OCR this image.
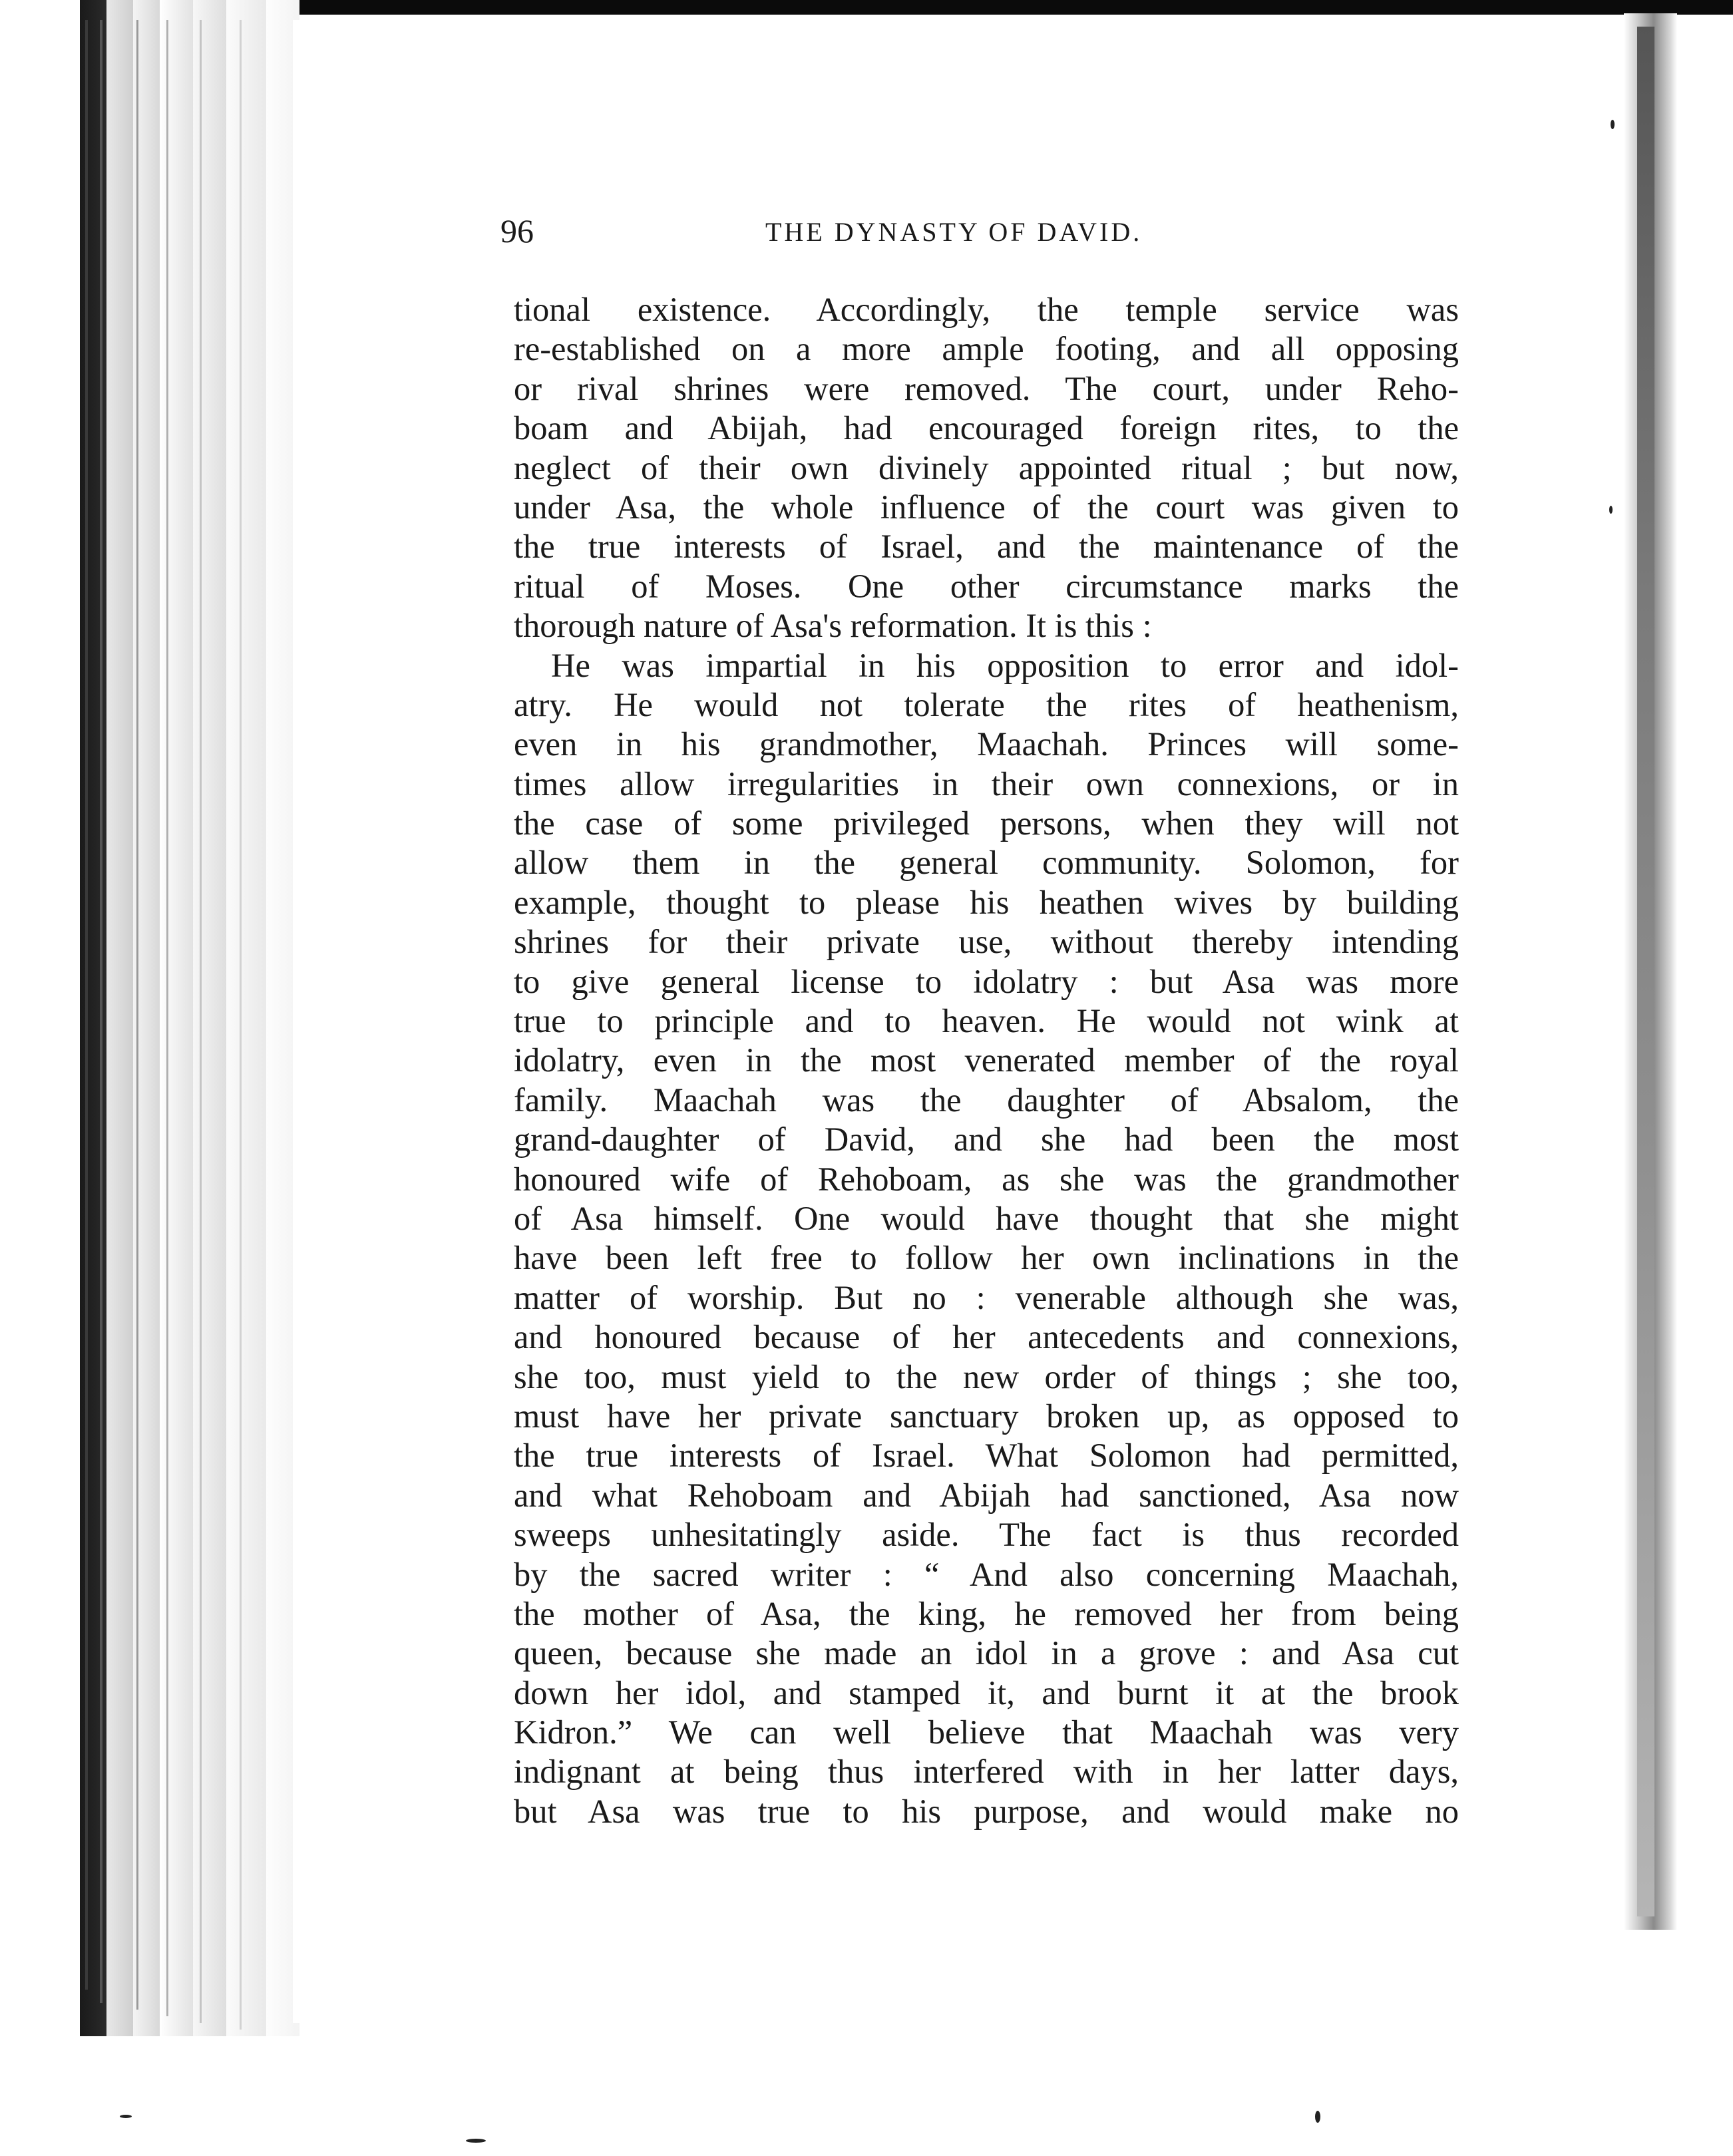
96	THE DYNASTY OF DAVID.
tional existence. Accordingly, the temple service was
re-established on a more ample footing, and all opposing
or rival shrines were removed. The court, under Reho-
boam and Abijah, had encouraged foreign rites, to the
neglect of their own divinely appointed ritual ; but now,
under Asa, the whole influence of the court was given to
the true interests of Israel, and the maintenance of the
ritual of Moses. One other circumstance marks the
thorough nature of Asa's reformation. It is this :
He was impartial in his opposition to error and idol-
atry. He would not tolerate the rites of heathenism,
even in his grandmother, Maachah. Princes will some-
times allow irregularities in their own connexions, or in
the case of some privileged persons, when they will not
allow them in the general community. Solomon, for
example, thought to please his heathen wives by building
shrines for their private use, without thereby intending
to give general license to idolatry : but Asa was more
true to principle and to heaven. He would not wink at
idolatry, even in the most venerated member of the royal
family. Maachah was the daughter of Absalom, the
grand-daughter of David, and she had been the most
honoured wife of Rehoboam, as she was the grandmother
of Asa himself. One would have thought that she might
have been left free to follow her own inclinations in the
matter of worship. But no : venerable although she was,
and honoured because of her antecedents and connexions,
she too, must yield to the new order of things ; she too,
must have her private sanctuary broken up, as opposed to
the true interests of Israel. What Solomon had permitted,
and what Rehoboam and Abijah had sanctioned, Asa now
sweeps unhesitatingly aside. The fact is thus recorded
by the sacred writer : “ And also concerning Maachah,
the mother of Asa, the king, he removed her from being
queen, because she made an idol in a grove : and Asa cut
down her idol, and stamped it, and burnt it at the brook
Kidron.” We can well believe that Maachah was very
indignant at being thus interfered with in her latter days,
but Asa was true to his purpose, and would make no
